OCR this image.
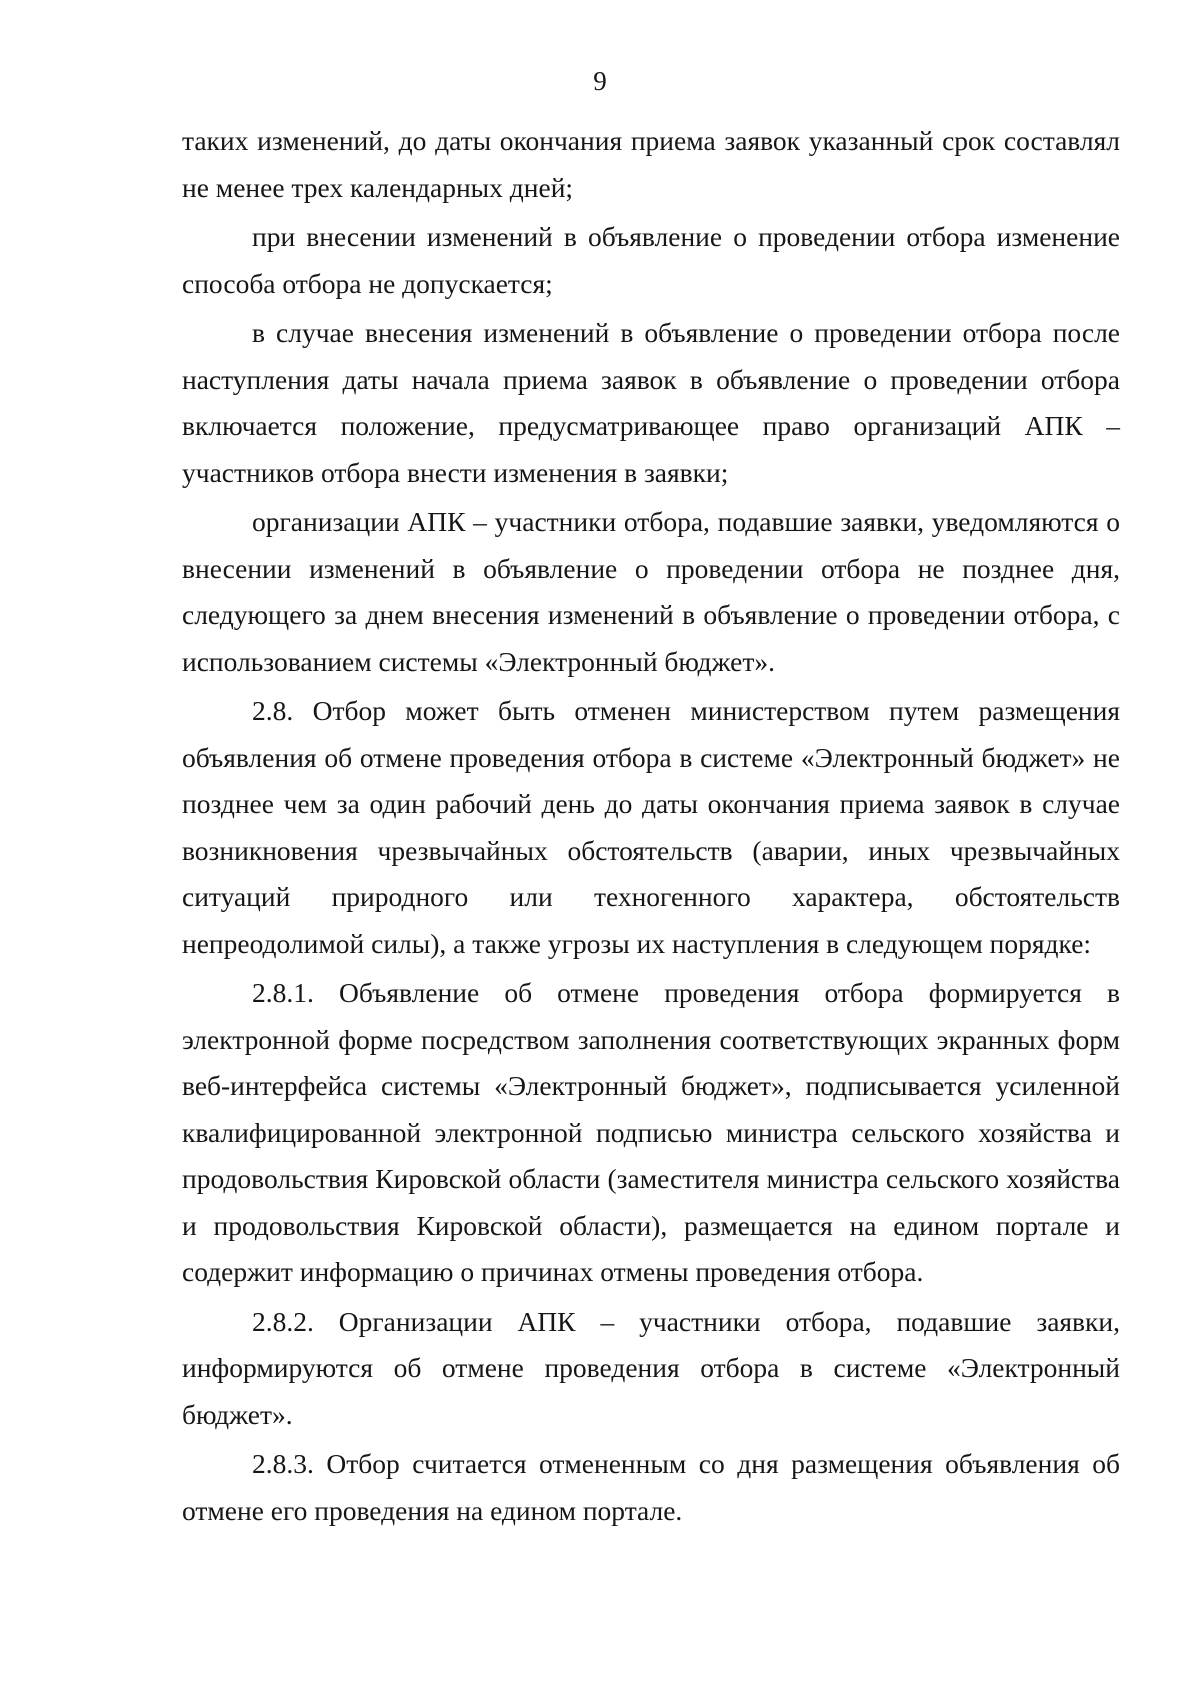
9

таких изменений, до даты окончания приема заявок указанный срок составлял не менее трех календарных дней;

при внесении изменений в объявление о проведении отбора изменение способа отбора не допускается;

в случае внесения изменений в объявление о проведении отбора после наступления даты начала приема заявок в объявление о проведении отбора включается положение, предусматривающее право организаций АПК – участников отбора внести изменения в заявки;

организации АПК – участники отбора, подавшие заявки, уведомляются о внесении изменений в объявление о проведении отбора не позднее дня, следующего за днем внесения изменений в объявление о проведении отбора, с использованием системы «Электронный бюджет».

2.8. Отбор может быть отменен министерством путем размещения объявления об отмене проведения отбора в системе «Электронный бюджет» не позднее чем за один рабочий день до даты окончания приема заявок в случае возникновения чрезвычайных обстоятельств (аварии, иных чрезвычайных ситуаций природного или техногенного характера, обстоятельств непреодолимой силы), а также угрозы их наступления в следующем порядке:

2.8.1. Объявление об отмене проведения отбора формируется в электронной форме посредством заполнения соответствующих экранных форм веб-интерфейса системы «Электронный бюджет», подписывается усиленной квалифицированной электронной подписью министра сельского хозяйства и продовольствия Кировской области (заместителя министра сельского хозяйства и продовольствия Кировской области), размещается на едином портале и содержит информацию о причинах отмены проведения отбора.

2.8.2. Организации АПК – участники отбора, подавшие заявки, информируются об отмене проведения отбора в системе «Электронный бюджет».

2.8.3. Отбор считается отмененным со дня размещения объявления об отмене его проведения на едином портале.
